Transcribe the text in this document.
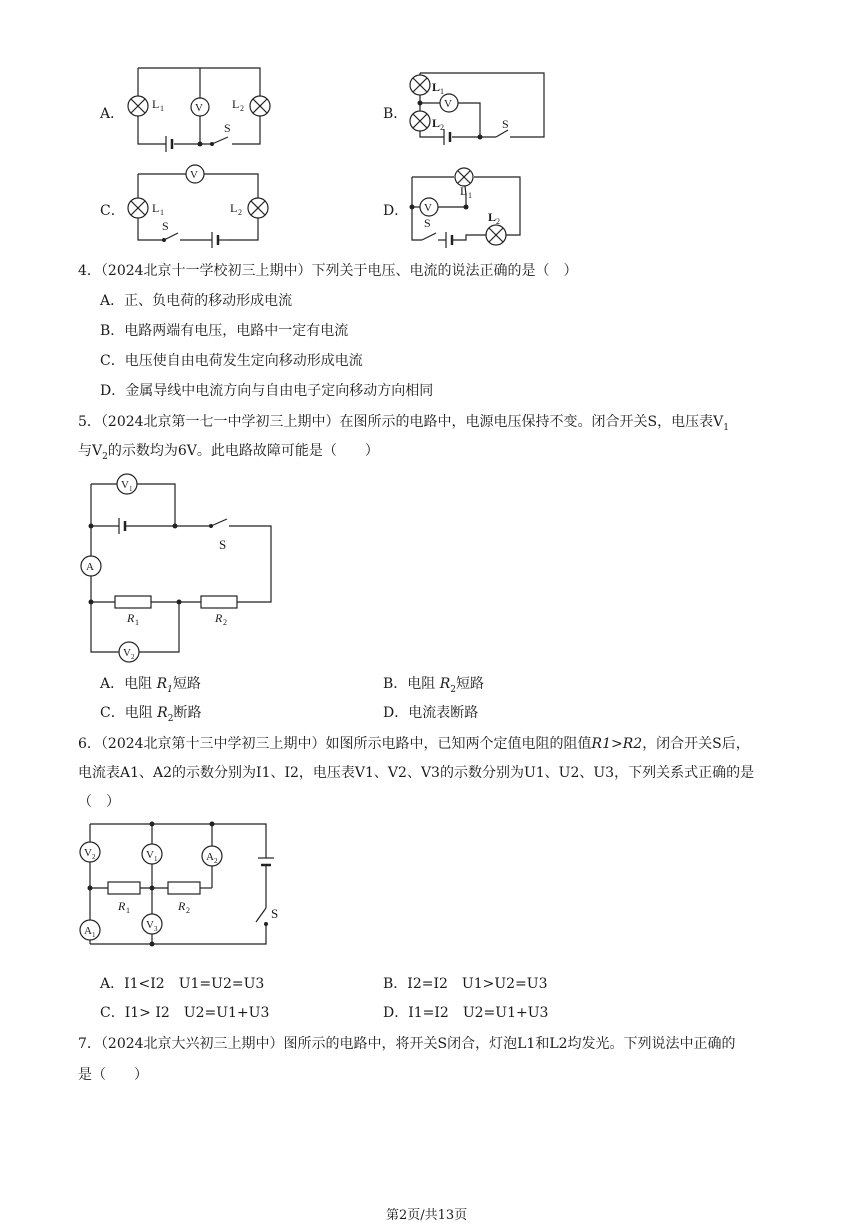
A．	V
L 1	L 2
S
B．
V
L 1
L 2	S
C．
V
L 1	L 2
S
D． V
L 1
L 2
S
4．（2024北京十一学校初三上期中）下列关于电压、电流的说法正确的是（　）
A．正、负电荷的移动形成电流
B．电路两端有电压，电路中一定有电流
C．电压使自由电荷发生定向移动形成电流
D．金属导线中电流方向与自由电子定向移动方向相同
5．（2024北京第一七一中学初三上期中）在图所示的电路中，电源电压保持不变。闭合开关S，电压表$V_1$
与$V_2$的示数均为6V。此电路故障可能是（　　）
V 1
V 2
A
S
R 1	R 2
A．电阻 $R_1$短路	B．电阻 $R_2$短路
C．电阻 $R_2$断路	D．电流表断路
6．（2024北京第十三中学初三上期中）如图所示电路中，已知两个定值电阻的阻值R1>R2，闭合开关S后，
电流表A1、A2的示数分别为I1、I2，电压表V1、V2、V3的示数分别为U1、U2、U3，下列关系式正确的是
（　）
V 2	V 1	A 2
A 1
V 3
R 1	R 2	S
A．I1<I2　U1=U2=U3	B．I2=I2　U1>U2=U3
C．I1> I2　U2=U1+U3	D．I1=I2　U2=U1+U3
7．（2024北京大兴初三上期中）图所示的电路中，将开关S闭合，灯泡L1和L2均发光。下列说法中正确的
是（　　）
第2页/共13页
